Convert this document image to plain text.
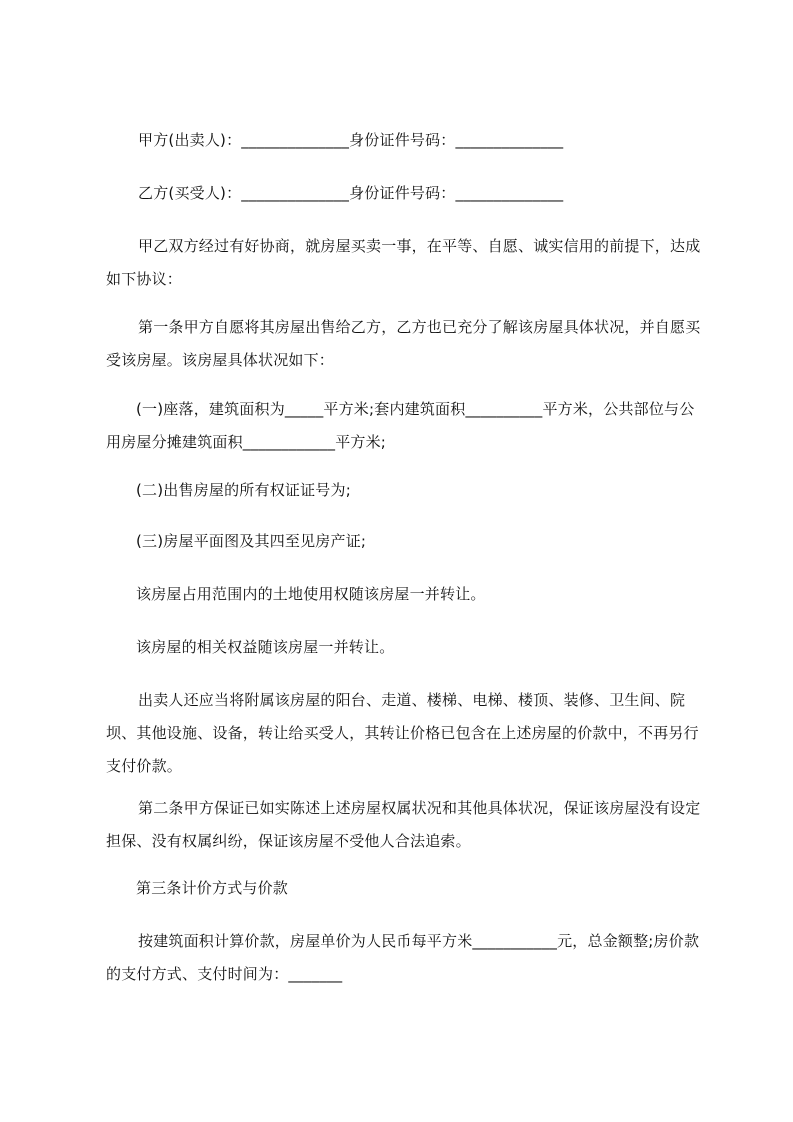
甲方(出卖人)：______________身份证件号码：______________

乙方(买受人)：______________身份证件号码：______________

甲乙双方经过有好协商，就房屋买卖一事，在平等、自愿、诚实信用的前提下，达成如下协议：

第一条甲方自愿将其房屋出售给乙方，乙方也已充分了解该房屋具体状况，并自愿买受该房屋。该房屋具体状况如下：

(一)座落，建筑面积为_____平方米;套内建筑面积__________平方米，公共部位与公用房屋分摊建筑面积____________平方米;

(二)出售房屋的所有权证证号为;

(三)房屋平面图及其四至见房产证;

该房屋占用范围内的土地使用权随该房屋一并转让。

该房屋的相关权益随该房屋一并转让。

出卖人还应当将附属该房屋的阳台、走道、楼梯、电梯、楼顶、装修、卫生间、院坝、其他设施、设备，转让给买受人，其转让价格已包含在上述房屋的价款中，不再另行支付价款。

第二条甲方保证已如实陈述上述房屋权属状况和其他具体状况，保证该房屋没有设定担保、没有权属纠纷，保证该房屋不受他人合法追索。

第三条计价方式与价款

按建筑面积计算价款，房屋单价为人民币每平方米___________元，总金额整;房价款的支付方式、支付时间为：_______
